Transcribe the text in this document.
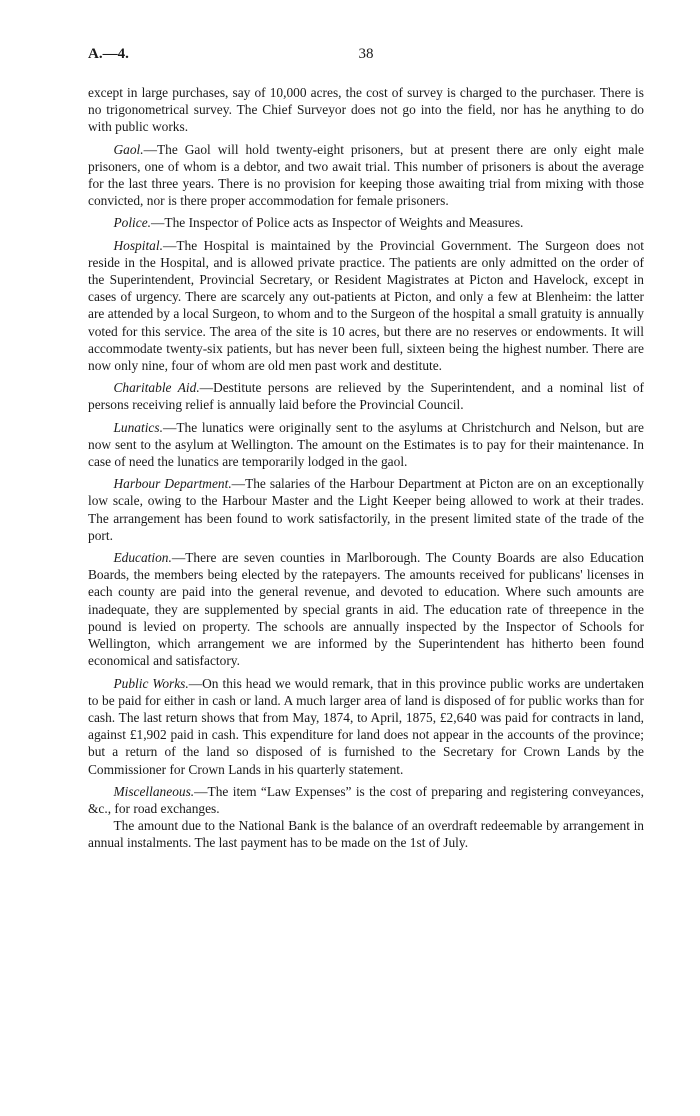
A.—4.	38

except in large purchases, say of 10,000 acres, the cost of survey is charged to the purchaser. There is no trigonometrical survey. The Chief Surveyor does not go into the field, nor has he anything to do with public works.

Gaol.—The Gaol will hold twenty-eight prisoners, but at present there are only eight male prisoners, one of whom is a debtor, and two await trial. This number of prisoners is about the average for the last three years. There is no provision for keeping those awaiting trial from mixing with those convicted, nor is there proper accommodation for female prisoners.

Police.—The Inspector of Police acts as Inspector of Weights and Measures.

Hospital.—The Hospital is maintained by the Provincial Government. The Surgeon does not reside in the Hospital, and is allowed private practice. The patients are only admitted on the order of the Superintendent, Provincial Secretary, or Resident Magistrates at Picton and Havelock, except in cases of urgency. There are scarcely any out-patients at Picton, and only a few at Blenheim: the latter are attended by a local Surgeon, to whom and to the Surgeon of the hospital a small gratuity is annually voted for this service. The area of the site is 10 acres, but there are no reserves or endowments. It will accommodate twenty-six patients, but has never been full, sixteen being the highest number. There are now only nine, four of whom are old men past work and destitute.

Charitable Aid.—Destitute persons are relieved by the Superintendent, and a nominal list of persons receiving relief is annually laid before the Provincial Council.

Lunatics.—The lunatics were originally sent to the asylums at Christchurch and Nelson, but are now sent to the asylum at Wellington. The amount on the Estimates is to pay for their maintenance. In case of need the lunatics are temporarily lodged in the gaol.

Harbour Department.—The salaries of the Harbour Department at Picton are on an exceptionally low scale, owing to the Harbour Master and the Light Keeper being allowed to work at their trades. The arrangement has been found to work satisfactorily, in the present limited state of the trade of the port.

Education.—There are seven counties in Marlborough. The County Boards are also Education Boards, the members being elected by the ratepayers. The amounts received for publicans' licenses in each county are paid into the general revenue, and devoted to education. Where such amounts are inadequate, they are supplemented by special grants in aid. The education rate of threepence in the pound is levied on property. The schools are annually inspected by the Inspector of Schools for Wellington, which arrangement we are informed by the Superintendent has hitherto been found economical and satisfactory.

Public Works.—On this head we would remark, that in this province public works are undertaken to be paid for either in cash or land. A much larger area of land is disposed of for public works than for cash. The last return shows that from May, 1874, to April, 1875, £2,640 was paid for contracts in land, against £1,902 paid in cash. This expenditure for land does not appear in the accounts of the province; but a return of the land so disposed of is furnished to the Secretary for Crown Lands by the Commissioner for Crown Lands in his quarterly statement.

Miscellaneous.—The item “Law Expenses” is the cost of preparing and registering conveyances, &c., for road exchanges.

The amount due to the National Bank is the balance of an overdraft redeemable by arrangement in annual instalments. The last payment has to be made on the 1st of July.
